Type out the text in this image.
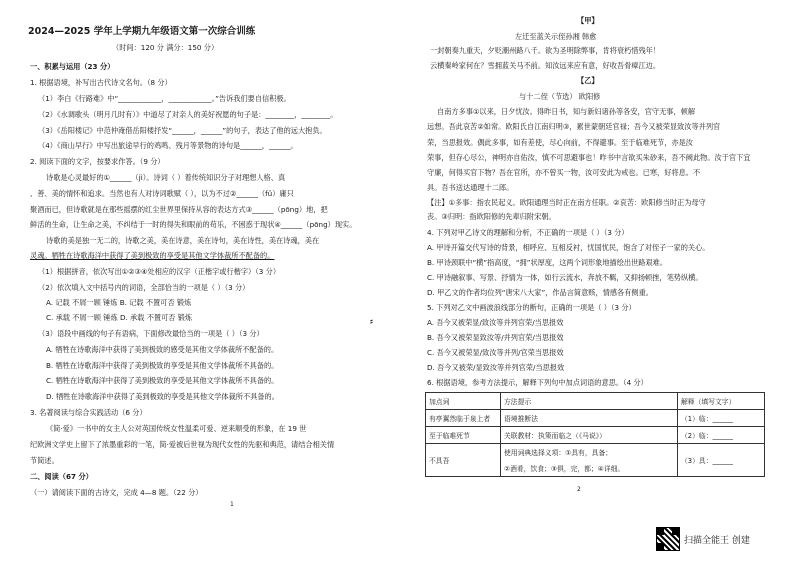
2024—2025 学年上学期九年级语文第一次综合训练
（时间：120 分 满分：150 分）
一、积累与运用（23 分）
1. 根据语境，补写出古代诗文名句。（8 分）
（1）李白《行路难》中“____________，____________。”告诉我们要自信积极。
（2）《水调歌头（明月几时有）》中道尽了对亲人的美好祝愿的句子是：________，________。
（3）《岳阳楼记》中范仲淹借岳阳楼抒发“______，______”的句子，表达了他的远大抱负。
（4）《商山早行》中写出旅途早行的鸡鸣、残月等景物的诗句是______，______。
2. 阅读下面的文字，按要求作答。（9 分）
诗歌是心灵最好的①______（jì）。诗词（ ）着传统知识分子对理想人格、真
、善、美的情怀和追求。当然也有人对诗词歌赋（ ），以为不过②______（fǔ）庸只
聚酒而已，但诗歌就是在那些摇摆的红尘世界里保持从容的表达方式③______（pōng）地，把
鲜活的生命，让生命之美，不纠结于一时的得失和眼前的苟乐，不困惑于现状④______（pōng）现实。
诗歌的美是独一无二的，诗歌之美，美在诗意，美在诗句，美在诗性，美在诗魂，美在
灵魂。牺牲在诗歌海洋中获得了美到极致的享受是其他文学体裁所不配备的。
（1）根据拼音，依次写出①②③④处相应的汉字（正楷字或行楷字）（3 分）
（2）依次填入文中括号内的词语，全部恰当的一项是（ ）（3 分）
A. 记载 不屑一顾 锤炼 B. 记载 不置可否 锻炼
C. 承载 不屑一顾 锤炼 D. 承载 不置可否 锻炼
（3）语段中画线的句子有语病，下面修改最恰当的一项是（ ）（3 分）
A. 牺牲在诗歌海洋中获得了美到极致的感受是其他文学体裁所不配备的。
B. 牺牲在诗歌海洋中获得了美到极致的享受是其他文学体裁所不具备的。
C. 牺牲在诗歌海洋中获得了美到极致的享受是其他文学体裁所不具备的。
D. 牺牲在诗歌海洋中获得了美到极致的享受是其他文学体裁所不具备的。
3. 名著阅读与综合实践活动（6 分）
《简·爱》一书中的女主人公对英国传统女性温柔可爱、逆来顺受的形象，在 19 世
纪欧洲文学史上留下了浓墨重彩的一笔，简·爱被后世视为现代女性的先驱和典范，请结合相关情
节简述。
二、阅读（67 分）
（一）请阅读下面的古诗文，完成 4—8 题。（22 分）
1
⸗
【甲】
左迁至蓝关示侄孙湘 韩愈
一封朝奏九重天，夕贬潮州路八千。欲为圣明除弊事，肯将衰朽惜残年！
云横秦岭家何在？雪拥蓝关马不前。知汝远来应有意，好收吾骨瘴江边。
【乙】
与十二侄（节选） 欧阳修
自南方多事①以来，日夕忧汝。得昨日书，知与新妇诸孙等各安，官守无事，顿解
远想。吾此哀苦②如常。欧阳氏自江南归明③，累世蒙朝廷官禄；吾今又被荣显致汝等并列官
荣，当思报效。偶此多事，如有差使，尽心向前，不得避事。至于临难死节，亦是汝
荣事，但存心尽公，神明亦自佑汝，慎不可思避事也！昨书中言欲买朱砂来，吾不阙此物。汝于官下宜
守廉，何得买官下物？吾在官所，亦不曾买一物，汝可安此为戒也。已寒，好将息。不
具。吾书送达通理十二郎。
【注】①多事：指农民起义。欧阳通理当时正在南方任职。②哀苦：欧阳修当时正为母守
丧。③归明：指欧阳修的先辈归附宋朝。
4. 下列对甲乙诗文的理解和分析，不正确的一项是（ ）（3 分）
A. 甲诗开篇交代写诗的背景，相呼应、互相反衬，忧国忧民，饱含了对侄子一家的关心。
B. 甲诗颈联中“横”指高度，“拥”状厚度，这两个词形象地描绘出世路艰难。
C. 甲诗融叙事、写景、抒情为一体，如行云流水，奔放不羁，又抑扬顿挫，笔势纵横。
D. 甲乙文的作者均位列“唐宋八大家”，作品言简意赅，情感各有侧重。
5. 下列对乙文中画波浪线部分的断句，正确的一项是（ ）（3 分）
A. 吾今又被荣显/致汝等并列官荣/当思报效
B. 吾今又被荣显致汝等/并列官荣/当思报效
C. 吾今又被荣显/致汝等并列/官荣当思报效
D. 吾今又被荣/显致汝等并列官荣/当思报效
6. 根据语境，参考方法提示，解释下列句中加点词语的意思。（4 分）
加点词	方法提示	解释（填写文字）
有亭翼然临于泉上者	语境推断法	（1）临：______
至于临难死节	关联教材：执策而临之（《马说》）	（2）临：______
不具吾	使用词典选择义项：①具有，具备；	（3）具：______
	②酒肴，饮食；③俱，完，都；④详细。	
2
扫描全能王 创建
